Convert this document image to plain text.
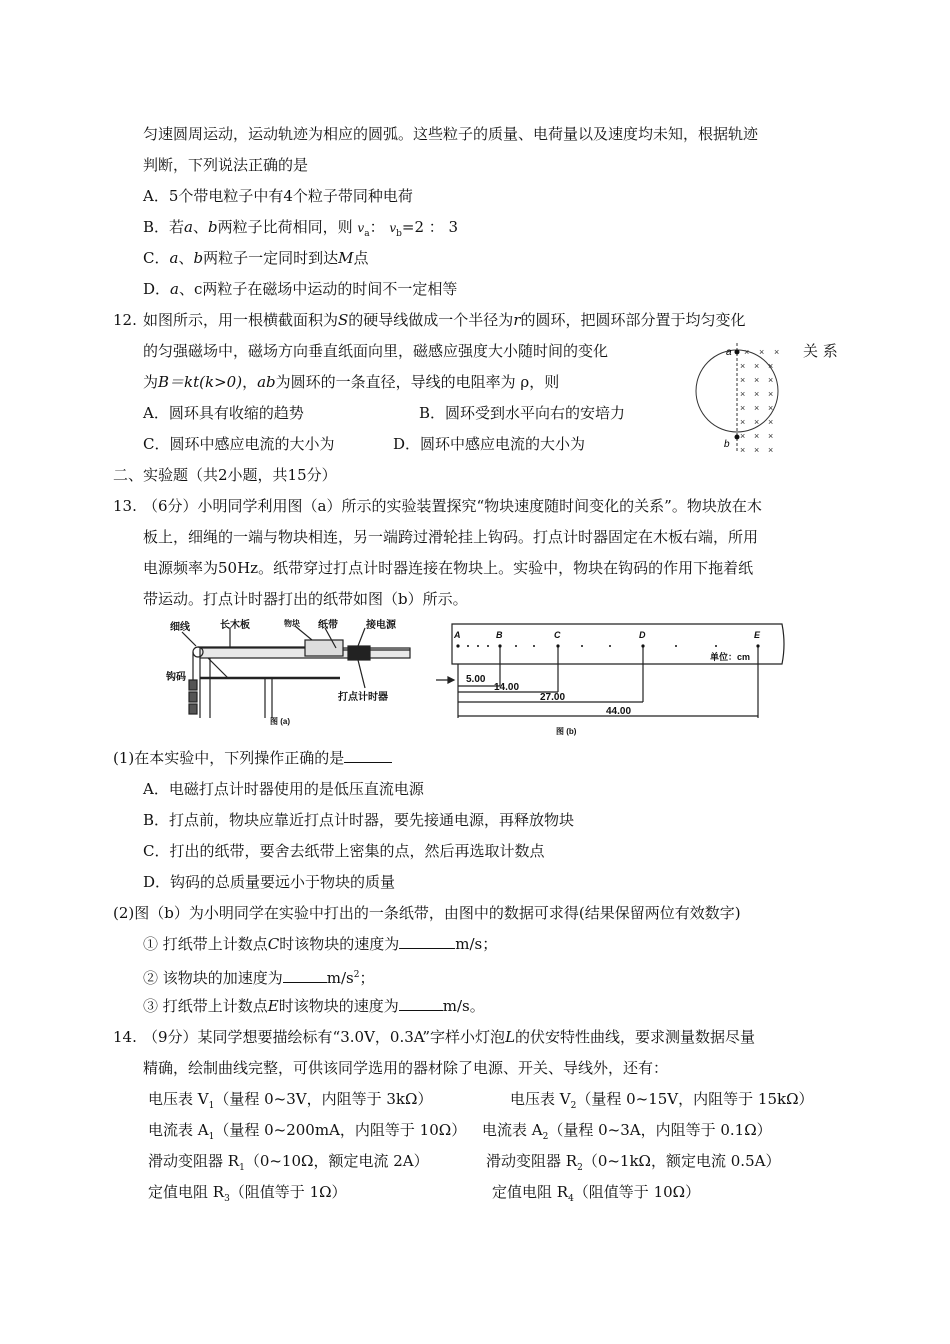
匀速圆周运动，运动轨迹为相应的圆弧。这些粒子的质量、电荷量以及速度均未知，根据轨迹
判断，下列说法正确的是
A．5个带电粒子中有4个粒子带同种电荷
B．若a、b两粒子比荷相同，则 $v_a$： $v_b=2$ ： 3
C．a、b两粒子一定同时到达M点
D．a、c两粒子在磁场中运动的时间不一定相等
12. 如图所示，用一根横截面积为S的硬导线做成一个半径为r的圆环，把圆环部分置于均匀变化
的匀强磁场中，磁场方向垂直纸面向里，磁感应强度大小随时间的变化	关 系
为B＝kt(k>0)，ab为圆环的一条直径，导线的电阻率为 ρ，则
A．圆环具有收缩的趋势	B．圆环受到水平向右的安培力
C．圆环中感应电流的大小为	D．圆环中感应电流的大小为
× × ×
× × ×
× × ×
× × ×
× × ×
× × ×
× × ×
× × ×
a
b
二、实验题（共2小题，共15分）
13. （6分）小明同学利用图（a）所示的实验装置探究“物块速度随时间变化的关系”。物块放在木
板上，细绳的一端与物块相连，另一端跨过滑轮挂上钩码。打点计时器固定在木板右端，所用
电源频率为50Hz。纸带穿过打点计时器连接在物块上。实验中，物块在钩码的作用下拖着纸
带运动。打点计时器打出的纸带如图（b）所示。
细线	长木板	物块 纸带	接电源
钩码
打点计时器
图 (a)
A	B	C	D	E
单位：cm
5.00
14.00
27.00
44.00
图 (b)
(1)在本实验中，下列操作正确的是
A．电磁打点计时器使用的是低压直流电源
B．打点前，物块应靠近打点计时器，要先接通电源，再释放物块
C．打出的纸带，要舍去纸带上密集的点，然后再选取计数点
D．钩码的总质量要远小于物块的质量
(2)图（b）为小明同学在实验中打出的一条纸带，由图中的数据可求得(结果保留两位有效数字)
① 打纸带上计数点C时该物块的速度为	m/s；
② 该物块的加速度为	$m/s^2$；
③ 打纸带上计数点E时该物块的速度为	m/s。
14. （9分）某同学想要描绘标有“3.0V，0.3A”字样小灯泡L的伏安特性曲线，要求测量数据尽量
精确，绘制曲线完整，可供该同学选用的器材除了电源、开关、导线外，还有：
电压表 $V_1$（量程 0~3V，内阻等于 3kΩ）	电压表 $V_2$（量程 0~15V，内阻等于 15kΩ）
电流表 $A_1$（量程 0~200mA，内阻等于 10Ω） 电流表 $A_2$（量程 0~3A，内阻等于 0.1Ω）
滑动变阻器 $R_1(0\sim 10\Omega$，额定电流 2A）	滑动变阻器 $R_2(0\sim 1k\Omega$，额定电流 0.5A）
定值电阻 $R_3$（阻值等于 1Ω）	定值电阻 $R_4$（阻值等于 10Ω）
